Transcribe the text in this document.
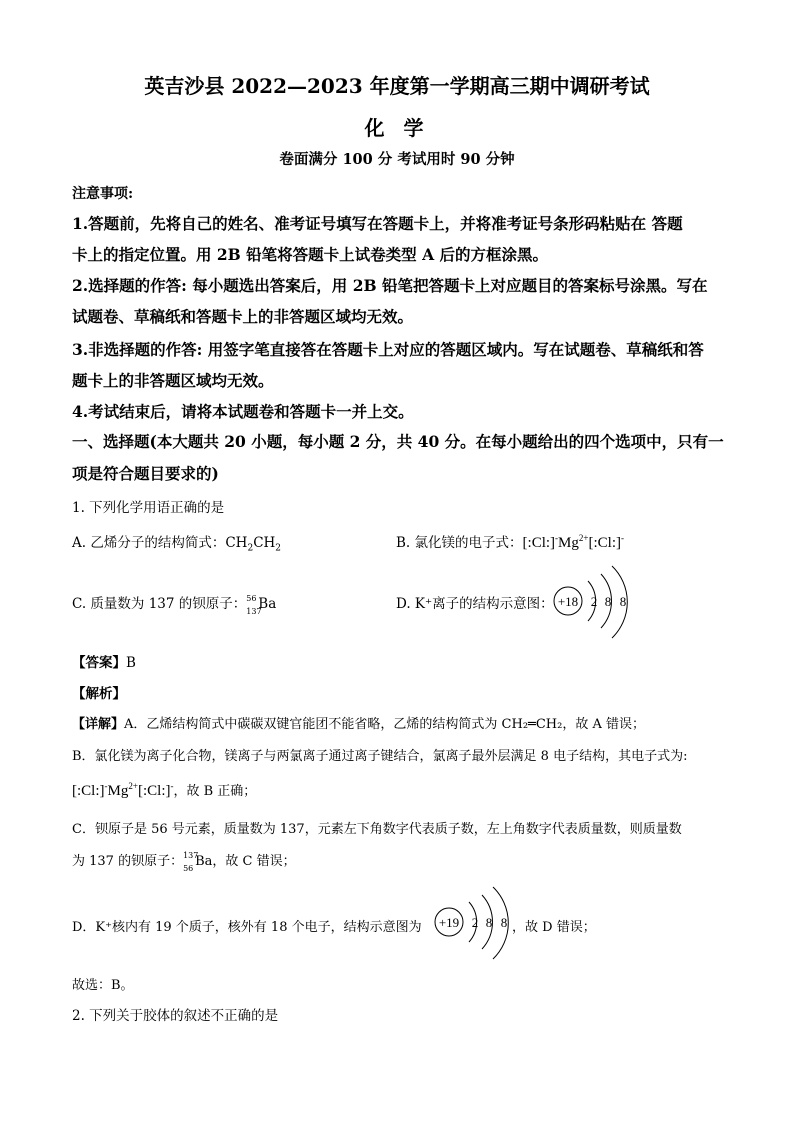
英吉沙县 2022—2023 年度第一学期高三期中调研考试
化 学
卷面满分 100 分 考试用时 90 分钟
注意事项:
1.答题前，先将自己的姓名、准考证号填写在答题卡上，并将准考证号条形码粘贴在 答题
卡上的指定位置。用 2B 铅笔将答题卡上试卷类型 A 后的方框涂黑。
2.选择题的作答: 每小题选出答案后，用 2B 铅笔把答题卡上对应题目的答案标号涂黑。写在
试题卷、草稿纸和答题卡上的非答题区域均无效。
3.非选择题的作答: 用签字笔直接答在答题卡上对应的答题区域内。写在试题卷、草稿纸和答
题卡上的非答题区域均无效。
4.考试结束后，请将本试题卷和答题卡一并上交。
一、选择题(本大题共 20 小题，每小题 2 分，共 40 分。在每小题给出的四个选项中，只有一
项是符合题目要求的)
1. 下列化学用语正确的是
A. 乙烯分子的结构简式：$CH_2CH_2$	B. 氯化镁的电子式：$[:Cl:]^-Mg^{2+}[:Cl:]^-$
C. 质量数为 137 的钡原子： 56
137
Ba	D. K⁺离子的结构示意图： +18 2 8 8
【答案】B
【解析】
【详解】A．乙烯结构简式中碳碳双键官能团不能省略，乙烯的结构简式为 CH₂═CH₂，故 A 错误；
B．氯化镁为离子化合物，镁离子与两氯离子通过离子键结合，氯离子最外层满足 8 电子结构，其电子式为:
$[:Cl:]^-Mg^{2+}[:Cl:]^-$，故 B 正确；
C．钡原子是 56 号元素，质量数为 137，元素左下角数字代表质子数，左上角数字代表质量数，则质量数
为 137 的钡原子： 137
56 Ba，故 C 错误；
D．K⁺核内有 19 个质子，核外有 18 个电子，结构示意图为 +19 2 8 8 ，故 D 错误；
故选：B。
2. 下列关于胶体的叙述不正确的是
